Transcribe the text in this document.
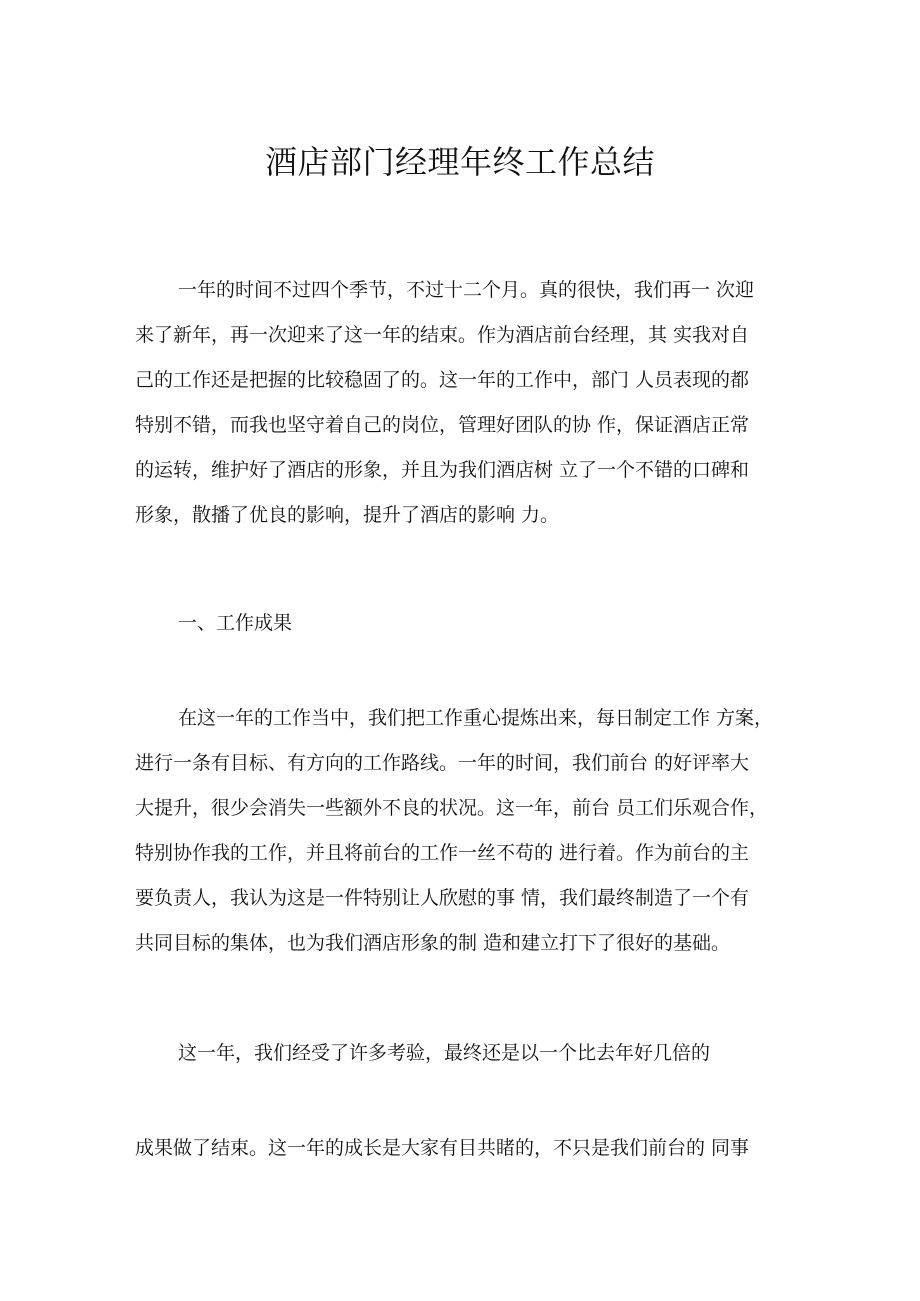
酒店部门经理年终工作总结

一年的时间不过四个季节，不过十二个月。真的很快，我们再一 次迎

来了新年，再一次迎来了这一年的结束。作为酒店前台经理，其 实我对自

己的工作还是把握的比较稳固了的。这一年的工作中，部门 人员表现的都

特别不错，而我也坚守着自己的岗位，管理好团队的协 作，保证酒店正常

的运转，维护好了酒店的形象，并且为我们酒店树 立了一个不错的口碑和

形象，散播了优良的影响，提升了酒店的影响 力。

一、工作成果

在这一年的工作当中，我们把工作重心提炼出来，每日制定工作 方案，

进行一条有目标、有方向的工作路线。一年的时间，我们前台 的好评率大

大提升，很少会消失一些额外不良的状况。这一年，前台 员工们乐观合作，

特别协作我的工作，并且将前台的工作一丝不苟的 进行着。作为前台的主

要负责人，我认为这是一件特别让人欣慰的事 情，我们最终制造了一个有

共同目标的集体，也为我们酒店形象的制 造和建立打下了很好的基础。

这一年，我们经受了许多考验，最终还是以一个比去年好几倍的

成果做了结束。这一年的成长是大家有目共睹的，不只是我们前台的 同事
